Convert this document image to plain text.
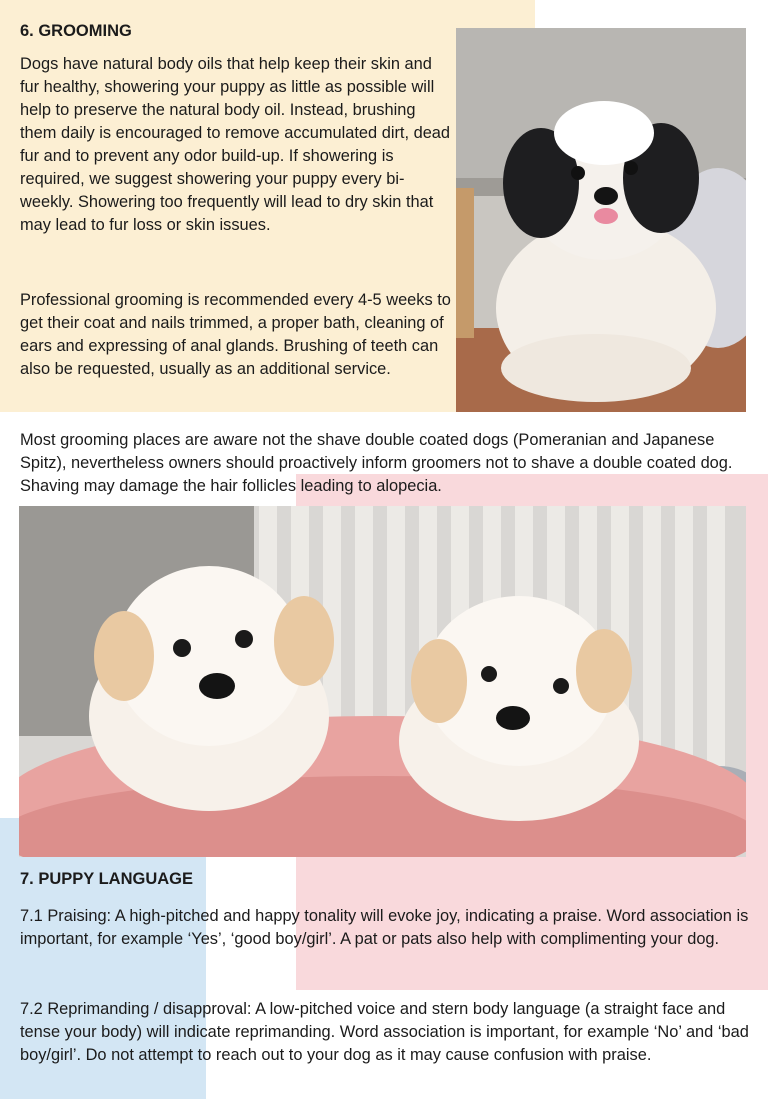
6. GROOMING

Dogs have natural body oils that help keep their skin and fur healthy, showering your puppy as little as possible will help to preserve the natural body oil. Instead, brushing them daily is encouraged to remove accumulated dirt, dead fur and to prevent any odor build-up. If showering is required, we suggest showering your puppy every bi-weekly. Showering too frequently will lead to dry skin that may lead to fur loss or skin issues.

Professional grooming is recommended every 4-5 weeks to get their coat and nails trimmed, a proper bath, cleaning of ears and expressing of anal glands. Brushing of teeth can also be requested, usually as an additional service.

Most grooming places are aware not the shave double coated dogs (Pomeranian and Japanese Spitz), nevertheless owners should proactively inform groomers not to shave a double coated dog. Shaving may damage the hair follicles leading to alopecia.

7. PUPPY LANGUAGE

7.1 Praising: A high-pitched and happy tonality will evoke joy, indicating a praise. Word association is important, for example ‘Yes’, ‘good boy/girl’. A pat or pats also help with complimenting your dog.

7.2 Reprimanding / disapproval: A low-pitched voice and stern body language (a straight face and tense your body) will indicate reprimanding. Word association is important, for example ‘No’ and ‘bad boy/girl’. Do not attempt to reach out to your dog as it may cause confusion with praise.
